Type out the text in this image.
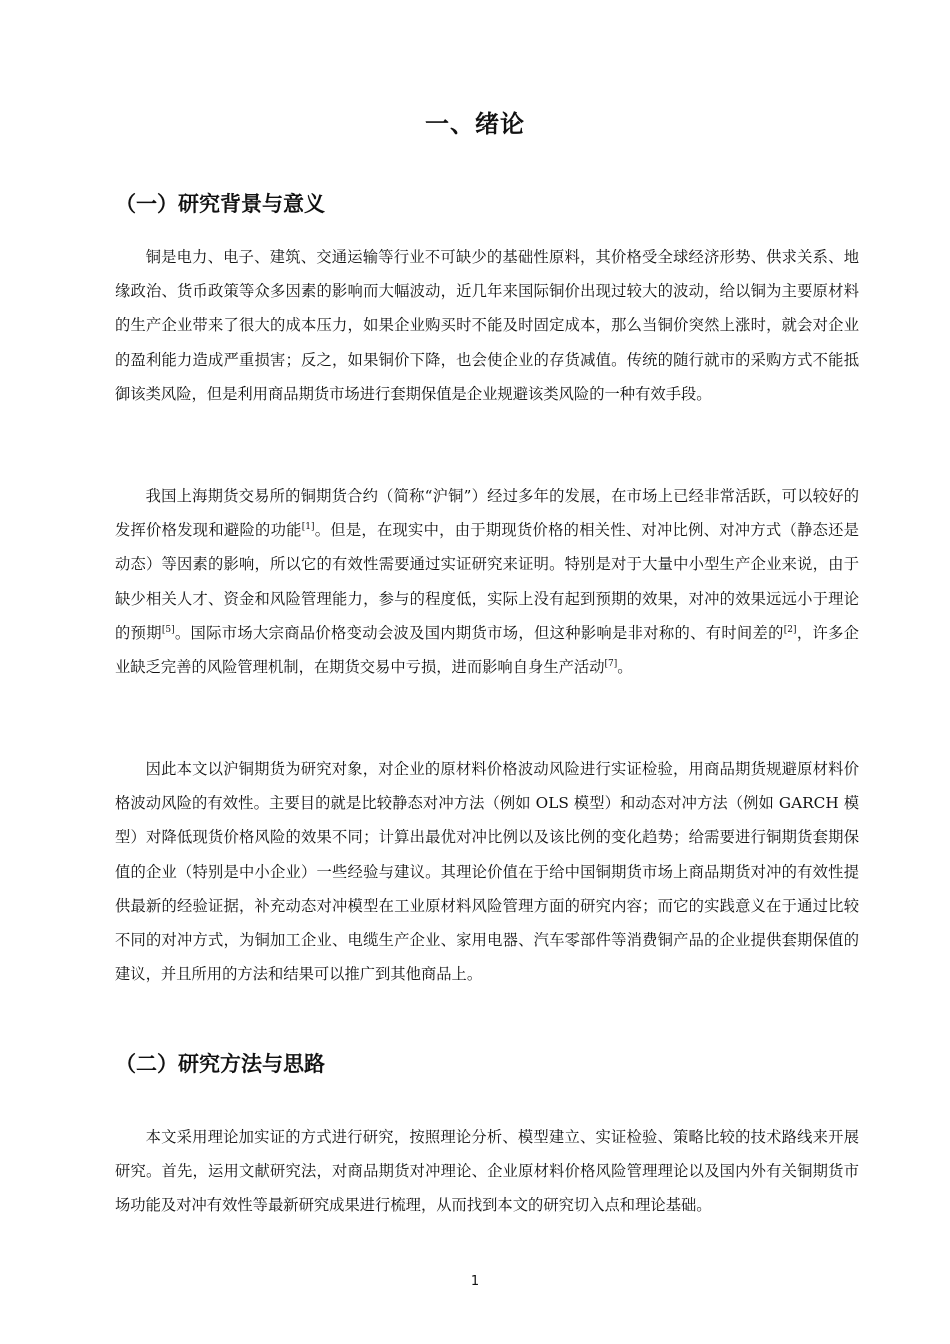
一、绪论
（一）研究背景与意义

铜是电力、电子、建筑、交通运输等行业不可缺少的基础性原料，其价格受全球经济形势、供求关系、地缘政治、货币政策等众多因素的影响而大幅波动，近几年来国际铜价出现过较大的波动，给以铜为主要原材料的生产企业带来了很大的成本压力，如果企业购买时不能及时固定成本，那么当铜价突然上涨时，就会对企业的盈利能力造成严重损害；反之，如果铜价下降，也会使企业的存货减值。传统的随行就市的采购方式不能抵御该类风险，但是利用商品期货市场进行套期保值是企业规避该类风险的一种有效手段。

我国上海期货交易所的铜期货合约（简称“沪铜”）经过多年的发展，在市场上已经非常活跃，可以较好的发挥价格发现和避险的功能[1]。但是，在现实中，由于期现货价格的相关性、对冲比例、对冲方式（静态还是动态）等因素的影响，所以它的有效性需要通过实证研究来证明。特别是对于大量中小型生产企业来说，由于缺少相关人才、资金和风险管理能力，参与的程度低，实际上没有起到预期的效果，对冲的效果远远小于理论的预期[5]。国际市场大宗商品价格变动会波及国内期货市场，但这种影响是非对称的、有时间差的[2]，许多企业缺乏完善的风险管理机制，在期货交易中亏损，进而影响自身生产活动[7]。

因此本文以沪铜期货为研究对象，对企业的原材料价格波动风险进行实证检验，用商品期货规避原材料价格波动风险的有效性。主要目的就是比较静态对冲方法（例如 OLS 模型）和动态对冲方法（例如 GARCH 模型）对降低现货价格风险的效果不同；计算出最优对冲比例以及该比例的变化趋势；给需要进行铜期货套期保值的企业（特别是中小企业）一些经验与建议。其理论价值在于给中国铜期货市场上商品期货对冲的有效性提供最新的经验证据，补充动态对冲模型在工业原材料风险管理方面的研究内容；而它的实践意义在于通过比较不同的对冲方式，为铜加工企业、电缆生产企业、家用电器、汽车零部件等消费铜产品的企业提供套期保值的建议，并且所用的方法和结果可以推广到其他商品上。

（二）研究方法与思路

本文采用理论加实证的方式进行研究，按照理论分析、模型建立、实证检验、策略比较的技术路线来开展研究。首先，运用文献研究法，对商品期货对冲理论、企业原材料价格风险管理理论以及国内外有关铜期货市场功能及对冲有效性等最新研究成果进行梳理，从而找到本文的研究切入点和理论基础。

1
